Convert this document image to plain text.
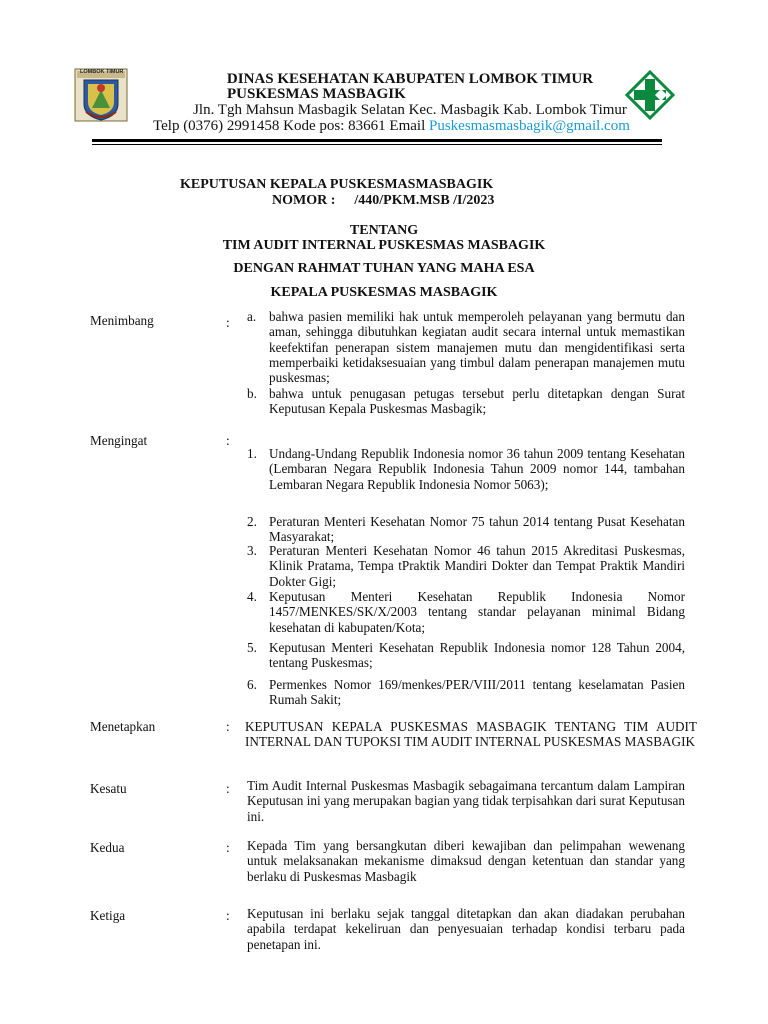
LOMBOK TIMUR	DINAS KESEHATAN KABUPATEN LOMBOK TIMUR
PUSKESMAS MASBAGIK
Jln. Tgh Mahsun Masbagik Selatan Kec. Masbagik Kab. Lombok Timur
Telp (0376) 2991458 Kode pos: 83661 Email Puskesmasmasbagik@gmail.com
KEPUTUSAN KEPALA PUSKESMASMASBAGIK
NOMOR : /440/PKM.MSB /I/2023
TENTANG
TIM AUDIT INTERNAL PUSKESMAS MASBAGIK
DENGAN RAHMAT TUHAN YANG MAHA ESA
KEPALA PUSKESMAS MASBAGIK
Menimbang	: a. bahwa pasien memiliki hak untuk memperoleh pelayanan yang bermutu dan aman, sehingga dibutuhkan kegiatan audit secara internal untuk memastikan keefektifan penerapan sistem manajemen mutu dan mengidentifikasi serta memperbaiki ketidaksesuaian yang timbul dalam penerapan manajemen mutu puskesmas;
b. bahwa untuk penugasan petugas tersebut perlu ditetapkan dengan Surat Keputusan Kepala Puskesmas Masbagik;
Mengingat	:
1. Undang-Undang Republik Indonesia nomor 36 tahun 2009 tentang Kesehatan (Lembaran Negara Republik Indonesia Tahun 2009 nomor 144, tambahan Lembaran Negara Republik Indonesia Nomor 5063);
2. Peraturan Menteri Kesehatan Nomor 75 tahun 2014 tentang Pusat Kesehatan Masyarakat;
3. Peraturan Menteri Kesehatan Nomor 46 tahun 2015 Akreditasi Puskesmas, Klinik Pratama, Tempa tPraktik Mandiri Dokter dan Tempat Praktik Mandiri Dokter Gigi;
4. Keputusan Menteri Kesehatan Republik Indonesia Nomor 1457/MENKES/SK/X/2003 tentang standar pelayanan minimal Bidang kesehatan di kabupaten/Kota;
5. Keputusan Menteri Kesehatan Republik Indonesia nomor 128 Tahun 2004, tentang Puskesmas;
6. Permenkes Nomor 169/menkes/PER/VIII/2011 tentang keselamatan Pasien Rumah Sakit;
Menetapkan	: KEPUTUSAN KEPALA PUSKESMAS MASBAGIK TENTANG TIM AUDIT INTERNAL DAN TUPOKSI TIM AUDIT INTERNAL PUSKESMAS MASBAGIK
Kesatu	: Tim Audit Internal Puskesmas Masbagik sebagaimana tercantum dalam Lampiran Keputusan ini yang merupakan bagian yang tidak terpisahkan dari surat Keputusan ini.
Kedua	: Kepada Tim yang bersangkutan diberi kewajiban dan pelimpahan wewenang untuk melaksanakan mekanisme dimaksud dengan ketentuan dan standar yang berlaku di Puskesmas Masbagik
Ketiga	: Keputusan ini berlaku sejak tanggal ditetapkan dan akan diadakan perubahan apabila terdapat kekeliruan dan penyesuaian terhadap kondisi terbaru pada penetapan ini.
